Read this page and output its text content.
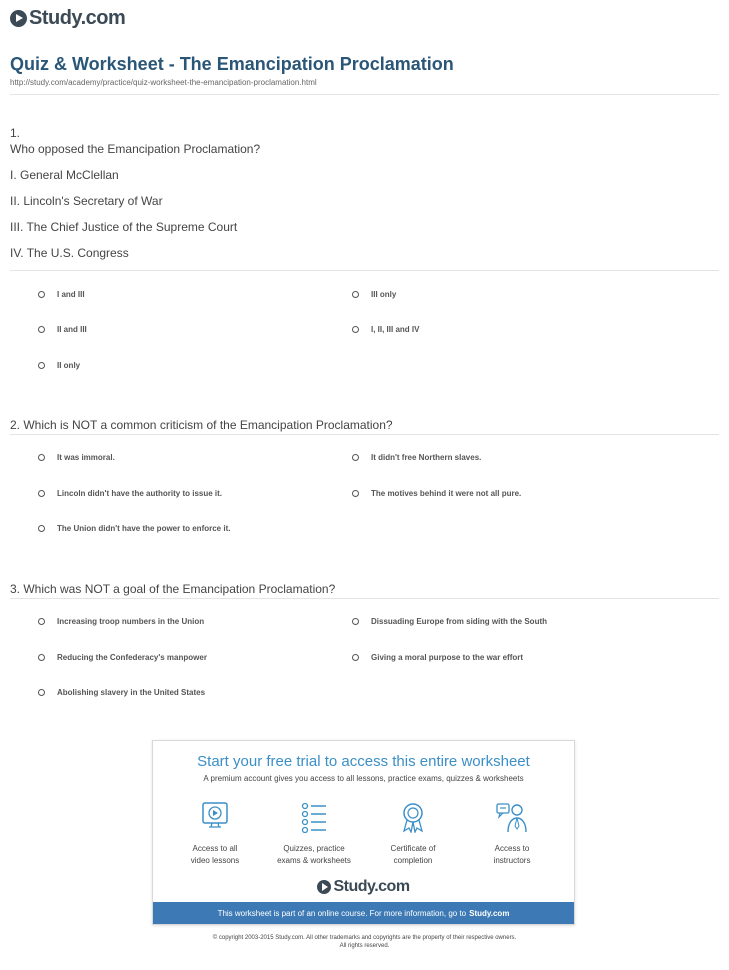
Study.com
Quiz & Worksheet - The Emancipation Proclamation
http://study.com/academy/practice/quiz-worksheet-the-emancipation-proclamation.html
1.
Who opposed the Emancipation Proclamation?
I. General McClellan
II. Lincoln's Secretary of War
III. The Chief Justice of the Supreme Court
IV. The U.S. Congress
I and III	III only
II and III	I, II, III and IV
II only
2. Which is NOT a common criticism of the Emancipation Proclamation?
It was immoral.	It didn't free Northern slaves.
Lincoln didn't have the authority to issue it.	The motives behind it were not all pure.
The Union didn't have the power to enforce it.
3. Which was NOT a goal of the Emancipation Proclamation?
Increasing troop numbers in the Union	Dissuading Europe from siding with the South
Reducing the Confederacy's manpower	Giving a moral purpose to the war effort
Abolishing slavery in the United States
Start your free trial to access this entire worksheet
A premium account gives you access to all lessons, practice exams, quizzes & worksheets
Access to all
video lessons
Quizzes, practice
exams & worksheets
Certificate of
completion
Access to
instructors
Study.com
This worksheet is part of an online course. For more information, go to Study.com
© copyright 2003-2015 Study.com. All other trademarks and copyrights are the property of their respective owners.
All rights reserved.
